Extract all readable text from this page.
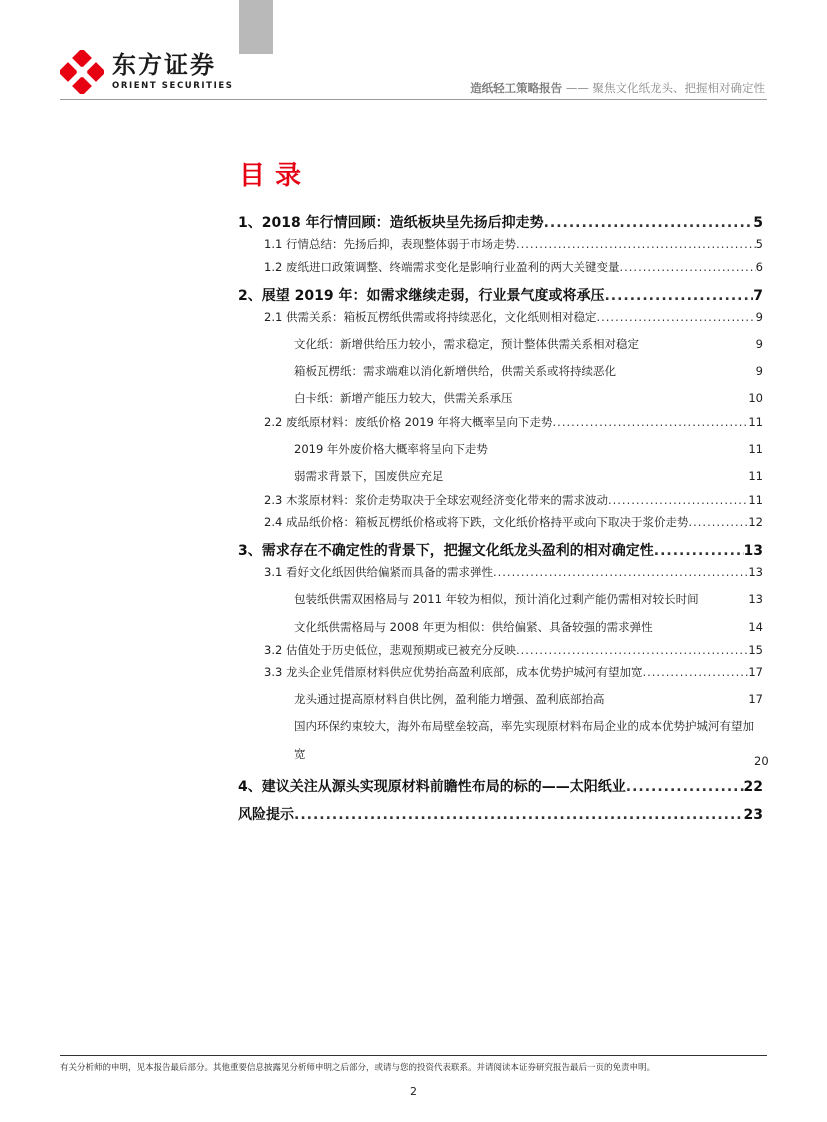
东方证券
ORIENT SECURITIES	造纸轻工策略报告 —— 聚焦文化纸龙头、把握相对确定性
目录
1、2018 年行情回顾：造纸板块呈先扬后抑走势 .....	5
1.1 行情总结：先扬后抑，表现整体弱于市场走势 .....	5
1.2 废纸进口政策调整、终端需求变化是影响行业盈利的两大关键变量 .....	6
2、展望 2019 年：如需求继续走弱，行业景气度或将承压 .....	7
2.1 供需关系：箱板瓦楞纸供需或将持续恶化，文化纸则相对稳定 .....	9
文化纸：新增供给压力较小，需求稳定，预计整体供需关系相对稳定	9
箱板瓦楞纸：需求端难以消化新增供给，供需关系或将持续恶化	9
白卡纸：新增产能压力较大，供需关系承压	10
2.2 废纸原材料：废纸价格 2019 年将大概率呈向下走势 .....	11
2019 年外废价格大概率将呈向下走势	11
弱需求背景下，国废供应充足	11
2.3 木浆原材料：浆价走势取决于全球宏观经济变化带来的需求波动 .....	11
2.4 成品纸价格：箱板瓦楞纸价格或将下跌，文化纸价格持平或向下取决于浆价走势 .....	12
3、需求存在不确定性的背景下，把握文化纸龙头盈利的相对确定性 .....	13
3.1 看好文化纸因供给偏紧而具备的需求弹性 .....	13
包装纸供需双困格局与 2011 年较为相似，预计消化过剩产能仍需相对较长时间	13
文化纸供需格局与 2008 年更为相似：供给偏紧、具备较强的需求弹性	14
3.2 估值处于历史低位，悲观预期或已被充分反映 .....	15
3.3 龙头企业凭借原材料供应优势抬高盈利底部，成本优势护城河有望加宽 .....	17
龙头通过提高原材料自供比例，盈利能力增强、盈利底部抬高	17
国内环保约束较大，海外布局壁垒较高，率先实现原材料布局企业的成本优势护城河有望加宽	20
4、建议关注从源头实现原材料前瞻性布局的标的——太阳纸业 .....	22
风险提示 .....	23
有关分析师的申明，见本报告最后部分。其他重要信息披露见分析师申明之后部分，或请与您的投资代表联系。并请阅读本证券研究报告最后一页的免责申明。
2
